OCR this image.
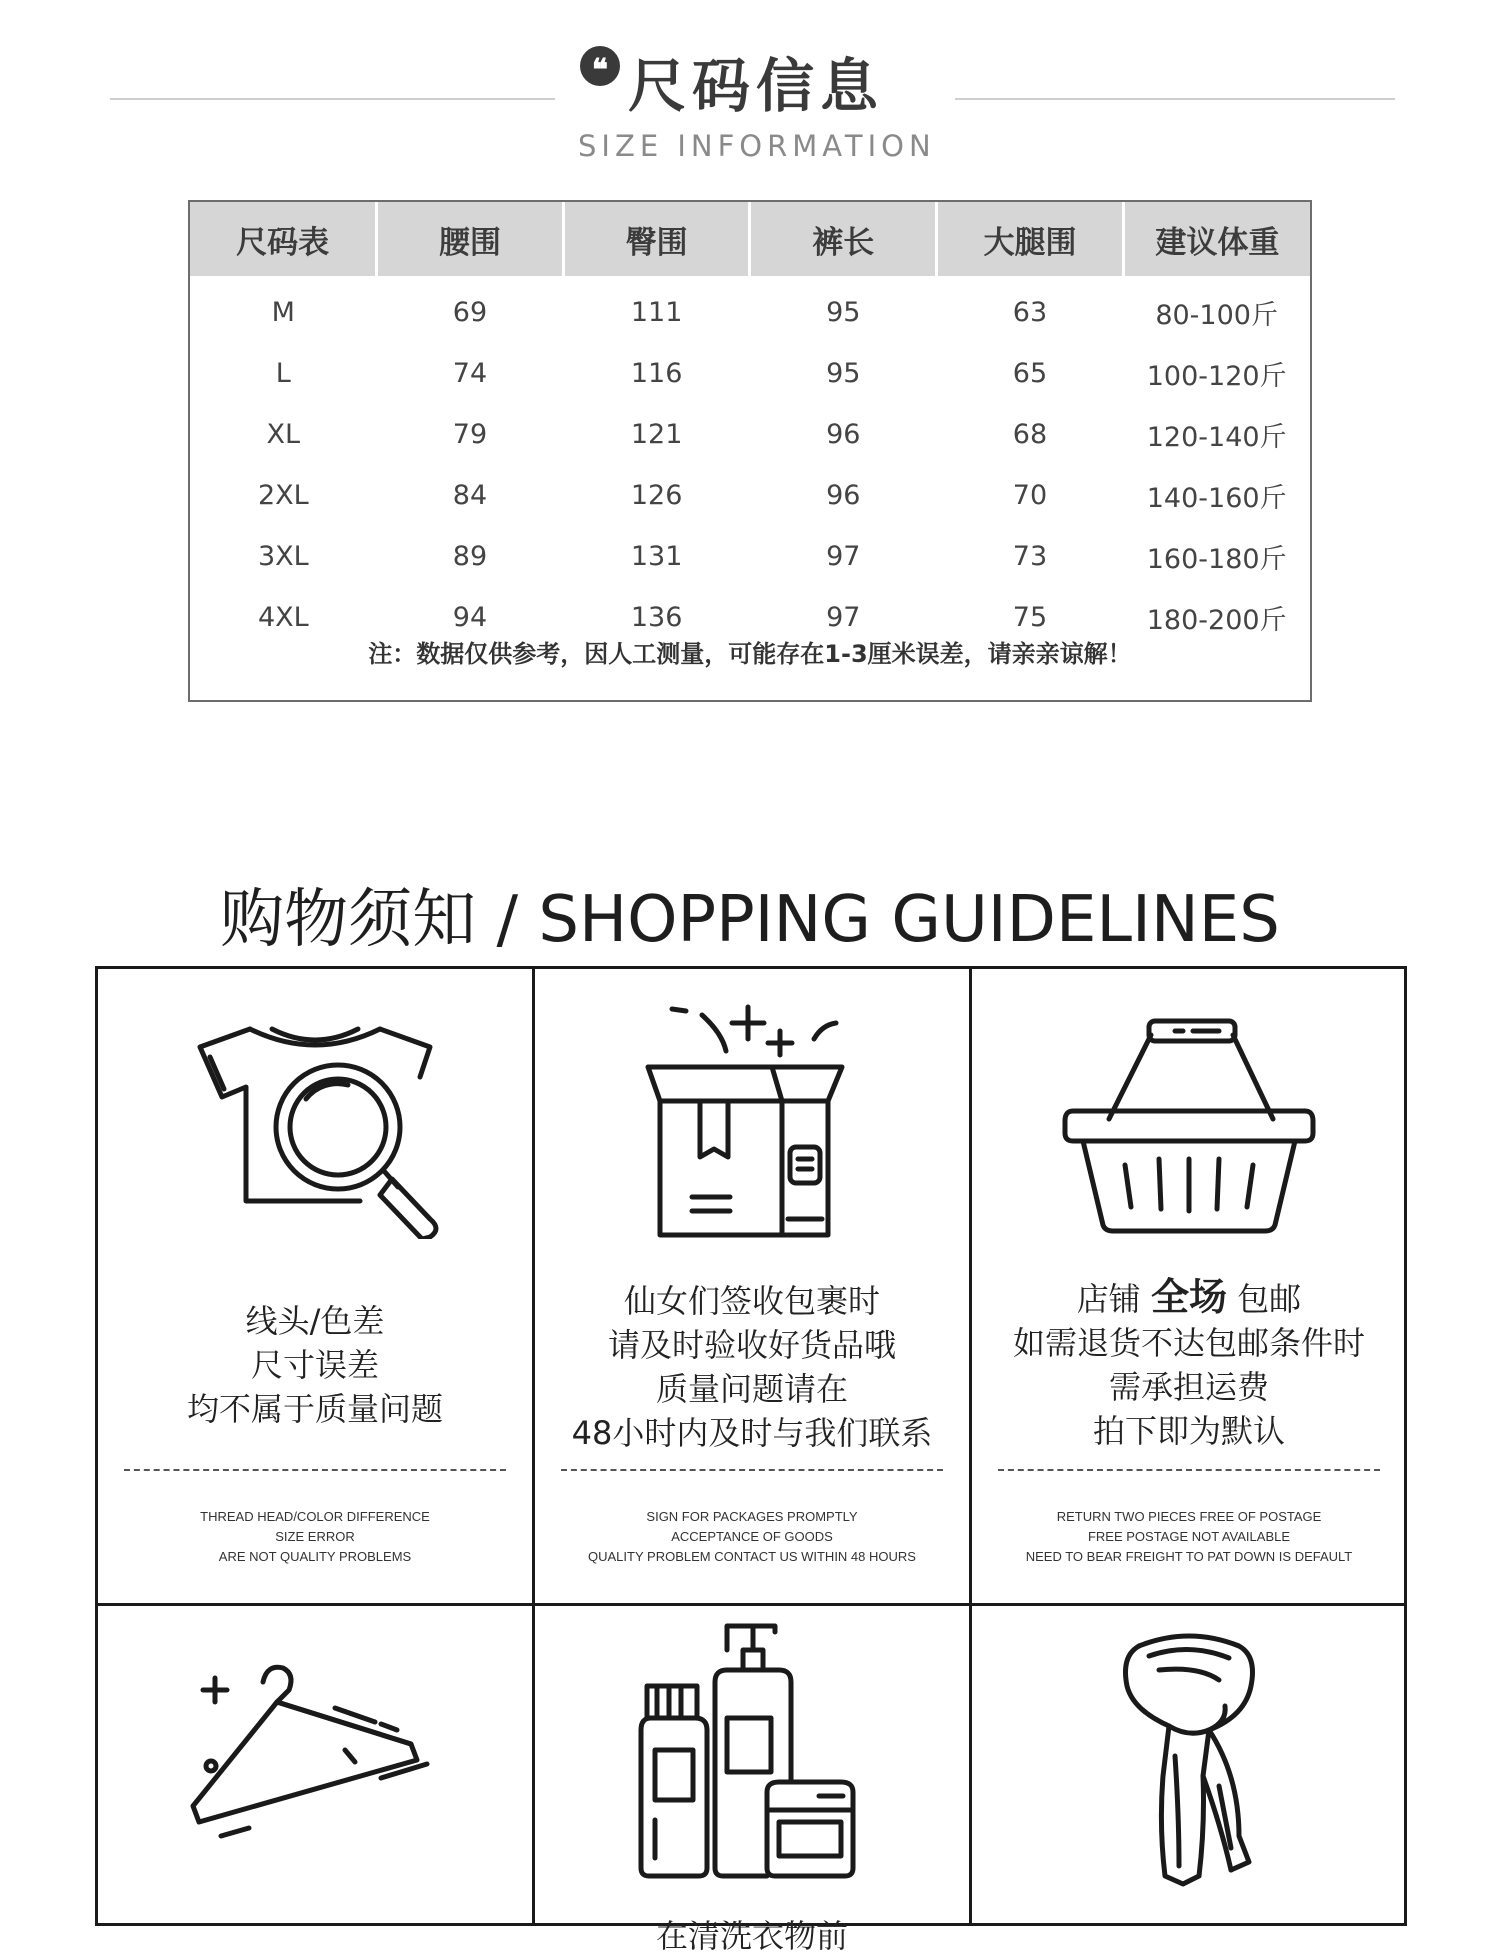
❝ 尺码信息
SIZE INFORMATION
尺码表	腰围	臀围	裤长	大腿围	建议体重
M	69	111	95	63	80-100斤
L	74	116	95	65	100-120斤
XL	79	121	96	68	120-140斤
2XL	84	126	96	70	140-160斤
3XL	89	131	97	73	160-180斤
4XL	94	136	97	75	180-200斤
注：数据仅供参考，因人工测量，可能存在1-3厘米误差，请亲亲谅解！
购物须知 / SHOPPING GUIDELINES
线头/色差
尺寸误差
均不属于质量问题
THREAD HEAD/COLOR DIFFERENCE
SIZE ERROR
ARE NOT QUALITY PROBLEMS
仙女们签收包裹时
请及时验收好货品哦
质量问题请在
48小时内及时与我们联系
SIGN FOR PACKAGES PROMPTLY
ACCEPTANCE OF GOODS
QUALITY PROBLEM CONTACT US WITHIN 48 HOURS
店铺 全场 包邮
如需退货不达包邮条件时
需承担运费
拍下即为默认
RETURN TWO PIECES FREE OF POSTAGE
FREE POSTAGE NOT AVAILABLE
NEED TO BEAR FREIGHT TO PAT DOWN IS DEFAULT
在清洗衣物前
